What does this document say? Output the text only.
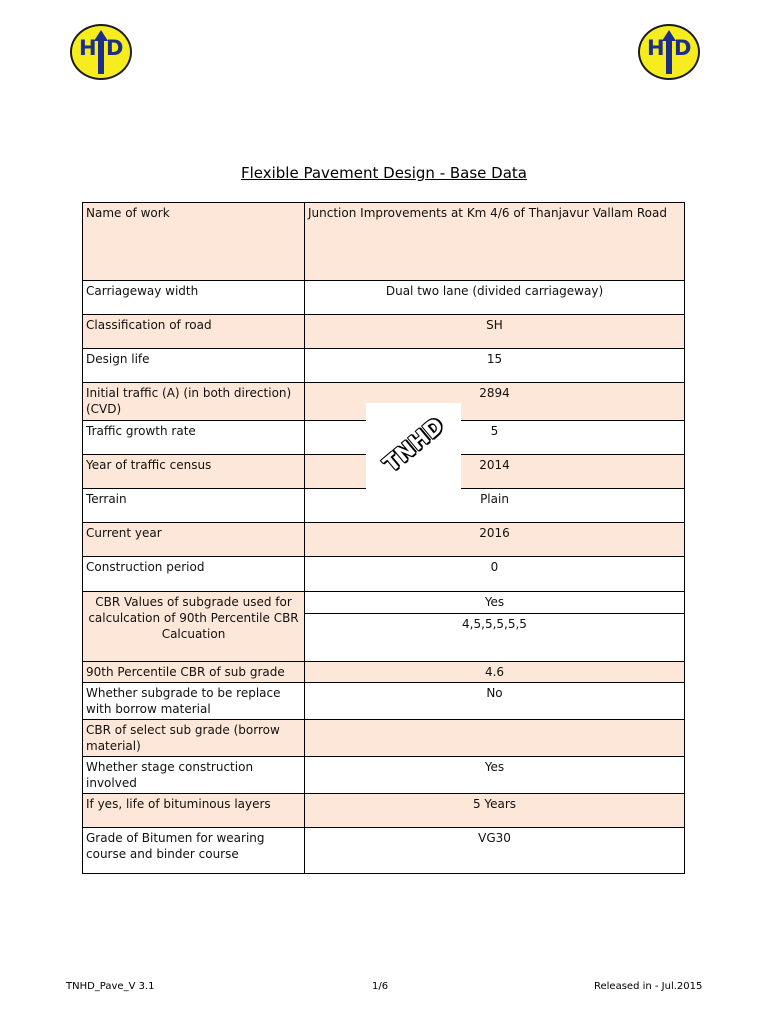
H D	H D
Flexible Pavement Design - Base Data
Name of work	Junction Improvements at Km 4/6 of Thanjavur Vallam Road
Carriageway width	Dual two lane (divided carriageway)
Classification of road	SH
Design life	15
Initial traffic (A) (in both direction) (CVD)	2894
Traffic growth rate	5
Year of traffic census	2014
Terrain	Plain
Current year	2016
Construction period	0
CBR Values of subgrade used for calculcation of 90th Percentile CBR Calcuation	Yes
	4,5,5,5,5,5
90th Percentile CBR of sub grade	4.6
Whether subgrade to be replace with borrow material	No
CBR of select sub grade (borrow material)	
Whether stage construction involved	Yes
If yes, life of bituminous layers	5 Years
Grade of Bitumen for wearing course and binder course	VG30
TNHD
TNHD_Pave_V 3.1	1/6	Released in - Jul.2015
